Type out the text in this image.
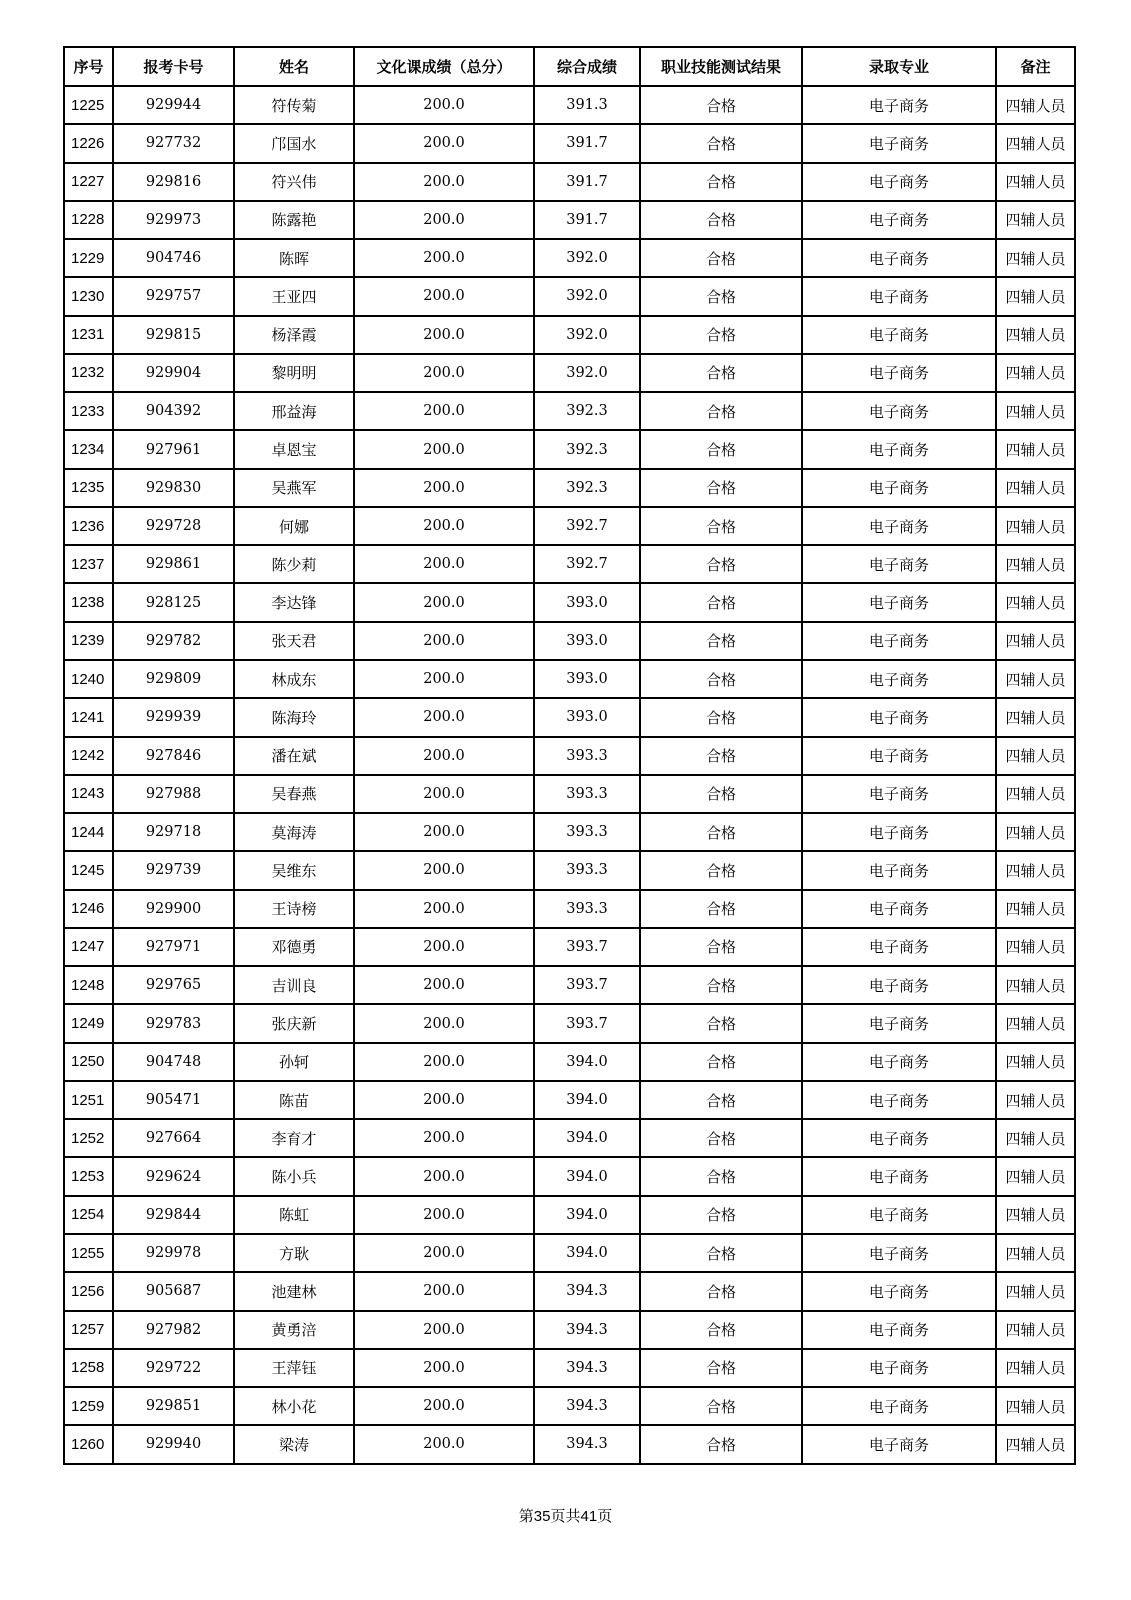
序号	报考卡号	姓名	文化课成绩（总分）	综合成绩	职业技能测试结果	录取专业	备注
1225	929944	符传菊	200.0	391.3	合格	电子商务	四辅人员
1226	927732	邝国水	200.0	391.7	合格	电子商务	四辅人员
1227	929816	符兴伟	200.0	391.7	合格	电子商务	四辅人员
1228	929973	陈露艳	200.0	391.7	合格	电子商务	四辅人员
1229	904746	陈晖	200.0	392.0	合格	电子商务	四辅人员
1230	929757	王亚四	200.0	392.0	合格	电子商务	四辅人员
1231	929815	杨泽霞	200.0	392.0	合格	电子商务	四辅人员
1232	929904	黎明明	200.0	392.0	合格	电子商务	四辅人员
1233	904392	邢益海	200.0	392.3	合格	电子商务	四辅人员
1234	927961	卓恩宝	200.0	392.3	合格	电子商务	四辅人员
1235	929830	吴燕军	200.0	392.3	合格	电子商务	四辅人员
1236	929728	何娜	200.0	392.7	合格	电子商务	四辅人员
1237	929861	陈少莉	200.0	392.7	合格	电子商务	四辅人员
1238	928125	李达锋	200.0	393.0	合格	电子商务	四辅人员
1239	929782	张天君	200.0	393.0	合格	电子商务	四辅人员
1240	929809	林成东	200.0	393.0	合格	电子商务	四辅人员
1241	929939	陈海玲	200.0	393.0	合格	电子商务	四辅人员
1242	927846	潘在斌	200.0	393.3	合格	电子商务	四辅人员
1243	927988	吴春燕	200.0	393.3	合格	电子商务	四辅人员
1244	929718	莫海涛	200.0	393.3	合格	电子商务	四辅人员
1245	929739	吴维东	200.0	393.3	合格	电子商务	四辅人员
1246	929900	王诗榜	200.0	393.3	合格	电子商务	四辅人员
1247	927971	邓德勇	200.0	393.7	合格	电子商务	四辅人员
1248	929765	吉训良	200.0	393.7	合格	电子商务	四辅人员
1249	929783	张庆新	200.0	393.7	合格	电子商务	四辅人员
1250	904748	孙轲	200.0	394.0	合格	电子商务	四辅人员
1251	905471	陈苗	200.0	394.0	合格	电子商务	四辅人员
1252	927664	李育才	200.0	394.0	合格	电子商务	四辅人员
1253	929624	陈小兵	200.0	394.0	合格	电子商务	四辅人员
1254	929844	陈虹	200.0	394.0	合格	电子商务	四辅人员
1255	929978	方耿	200.0	394.0	合格	电子商务	四辅人员
1256	905687	池建林	200.0	394.3	合格	电子商务	四辅人员
1257	927982	黄勇涪	200.0	394.3	合格	电子商务	四辅人员
1258	929722	王萍钰	200.0	394.3	合格	电子商务	四辅人员
1259	929851	林小花	200.0	394.3	合格	电子商务	四辅人员
1260	929940	梁涛	200.0	394.3	合格	电子商务	四辅人员
第35页共41页
